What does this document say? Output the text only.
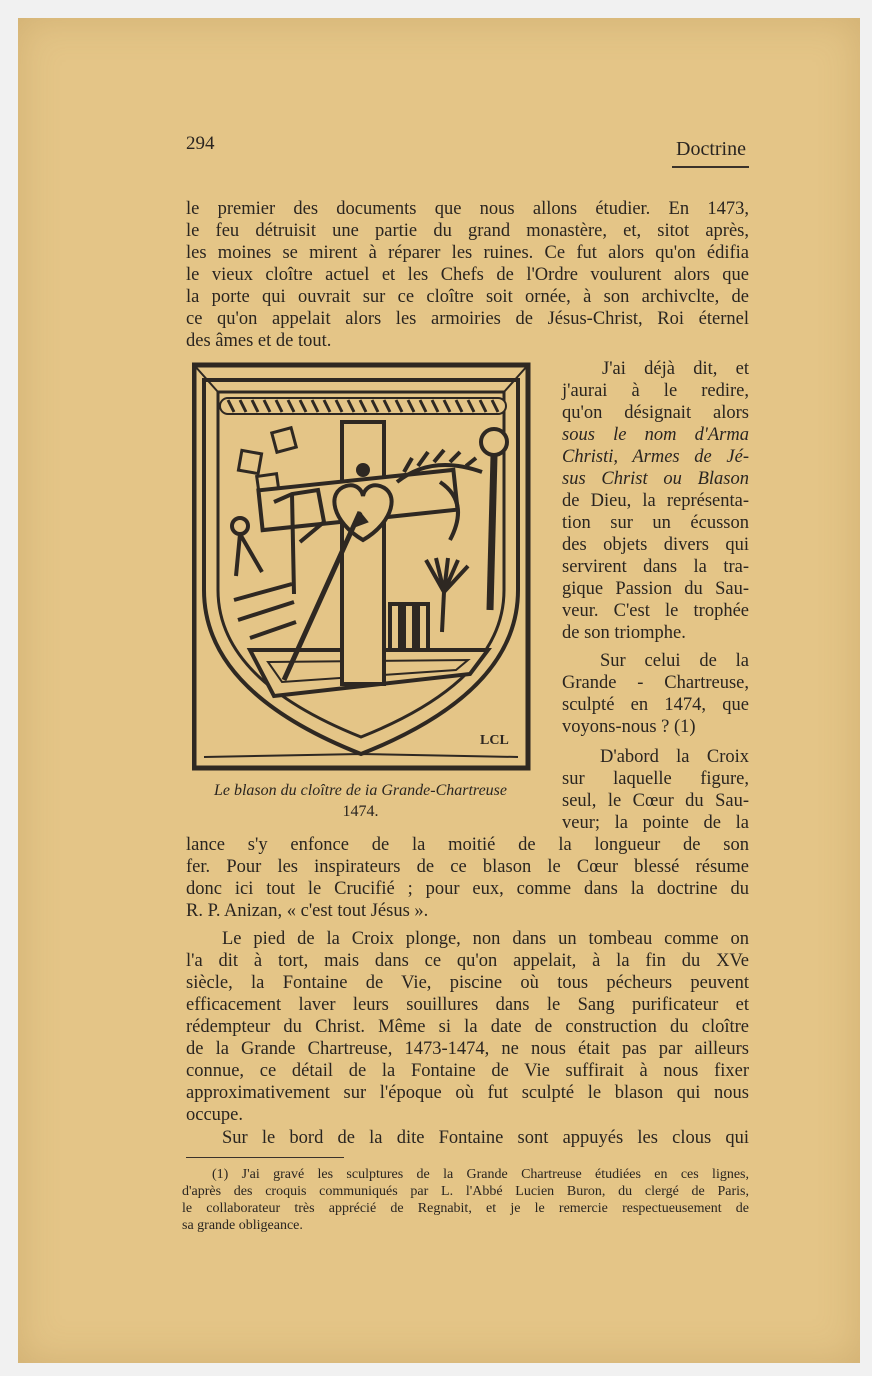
294	Doctrine
le premier des documents que nous allons étudier. En 1473,
le feu détruisit une partie du grand monastère, et, sitot après,
les moines se mirent à réparer les ruines. Ce fut alors qu'on édifia
le vieux cloître actuel et les Chefs de l'Ordre voulurent alors que
la porte qui ouvrait sur ce cloître soit ornée, à son archivclte, de
ce qu'on appelait alors les armoiries de Jésus-Christ, Roi éternel
des âmes et de tout.
J'ai déjà dit, et
j'aurai à le redire,
qu'on désignait alors
sous le nom d'Arma
Christi, Armes de Jé-
sus Christ ou Blason
de Dieu, la représenta-
tion sur un écusson
des objets divers qui
servirent dans la tra-
gique Passion du Sau-
veur. C'est le trophée
de son triomphe.
Sur celui de la
Grande - Chartreuse,
sculpté en 1474, que
voyons-nous ? (1)
D'abord la Croix
sur laquelle figure,
seul, le Cœur du Sau-
veur; la pointe de la
LCL
Le blason du cloître de ia Grande-Chartreuse
1474.
lance s'y enfonce de la moitié de la longueur de son
fer. Pour les inspirateurs de ce blason le Cœur blessé résume
donc ici tout le Crucifié ; pour eux, comme dans la doctrine du
R. P. Anizan, « c'est tout Jésus ».
Le pied de la Croix plonge, non dans un tombeau comme on
l'a dit à tort, mais dans ce qu'on appelait, à la fin du XVe
siècle, la Fontaine de Vie, piscine où tous pécheurs peuvent
efficacement laver leurs souillures dans le Sang purificateur et
rédempteur du Christ. Même si la date de construction du cloître
de la Grande Chartreuse, 1473-1474, ne nous était pas par ailleurs
connue, ce détail de la Fontaine de Vie suffirait à nous fixer
approximativement sur l'époque où fut sculpté le blason qui nous
occupe.
Sur le bord de la dite Fontaine sont appuyés les clous qui
(1) J'ai gravé les sculptures de la Grande Chartreuse étudiées en ces lignes,
d'après des croquis communiqués par L. l'Abbé Lucien Buron, du clergé de Paris,
le collaborateur très apprécié de Regnabit, et je le remercie respectueusement de
sa grande obligeance.
